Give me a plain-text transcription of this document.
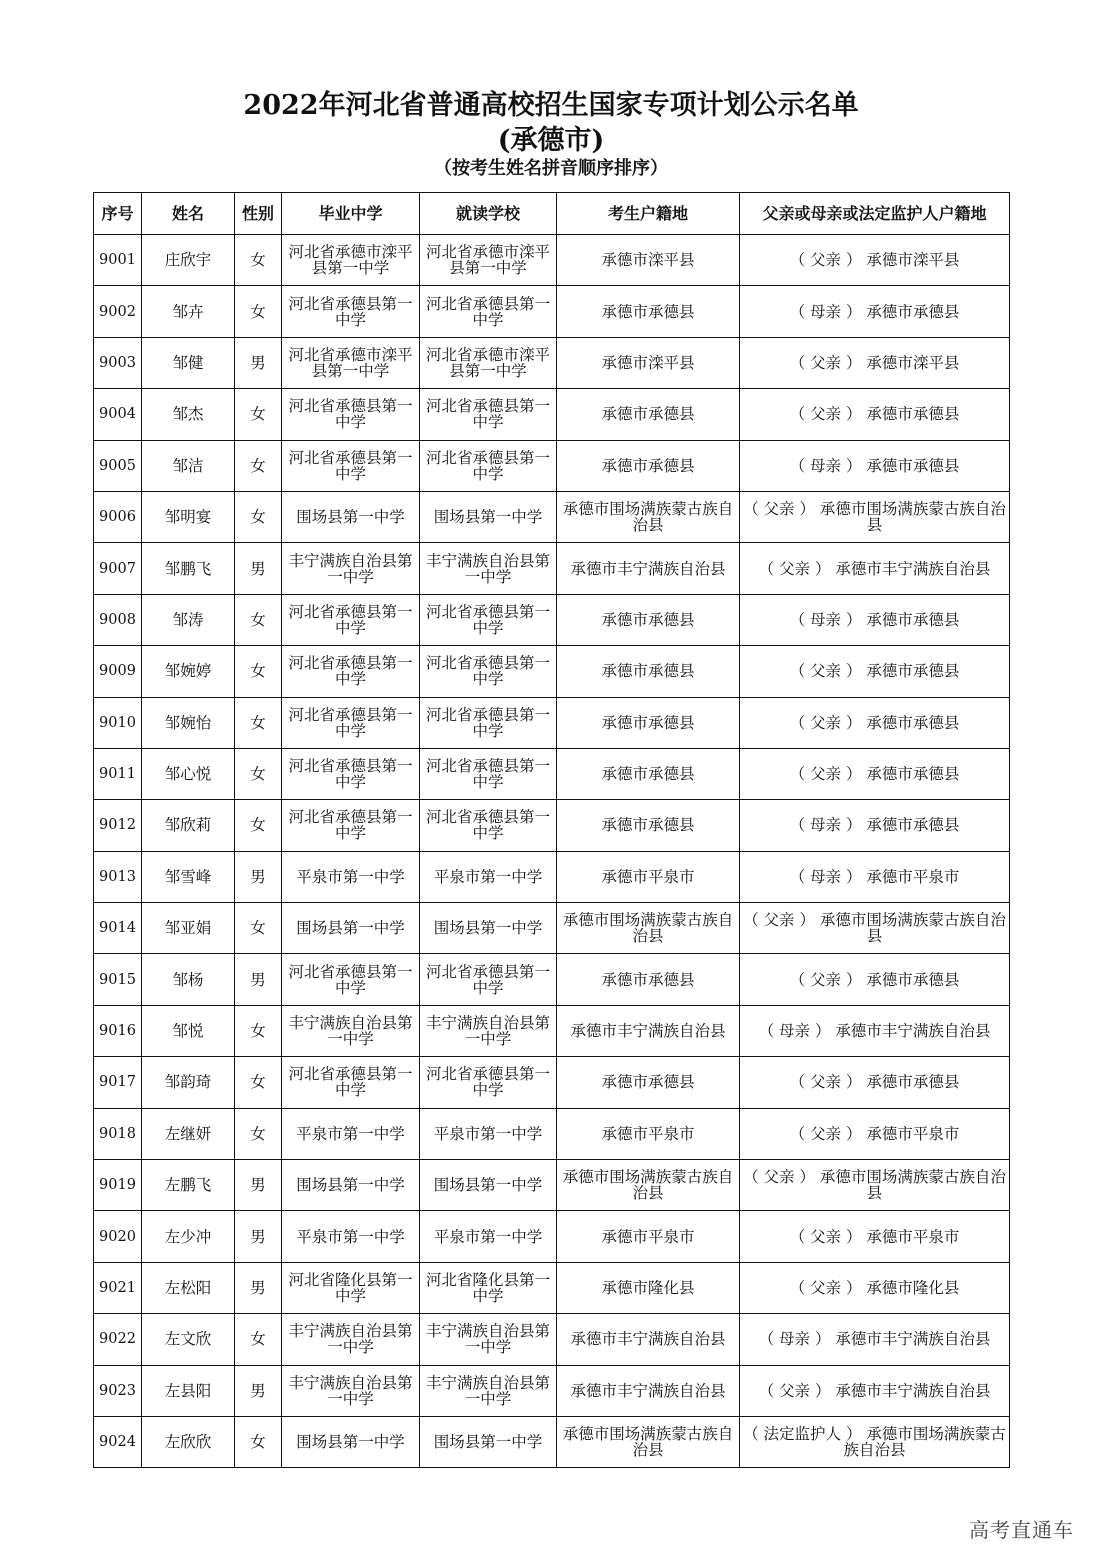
2022年河北省普通高校招生国家专项计划公示名单
(承德市)
（按考生姓名拼音顺序排序）
序号	姓名	性别	毕业中学	就读学校	考生户籍地	父亲或母亲或法定监护人户籍地
9001	庄欣宇	女	河北省承德市滦平县第一中学	河北省承德市滦平县第一中学	承德市滦平县	（ 父亲 ） 承德市滦平县
9002	邹卉	女	河北省承德县第一中学	河北省承德县第一中学	承德市承德县	（ 母亲 ） 承德市承德县
9003	邹健	男	河北省承德市滦平县第一中学	河北省承德市滦平县第一中学	承德市滦平县	（ 父亲 ） 承德市滦平县
9004	邹杰	女	河北省承德县第一中学	河北省承德县第一中学	承德市承德县	（ 父亲 ） 承德市承德县
9005	邹洁	女	河北省承德县第一中学	河北省承德县第一中学	承德市承德县	（ 母亲 ） 承德市承德县
9006	邹明宴	女	围场县第一中学	围场县第一中学	承德市围场满族蒙古族自治县	（ 父亲 ） 承德市围场满族蒙古族自治县
9007	邹鹏飞	男	丰宁满族自治县第一中学	丰宁满族自治县第一中学	承德市丰宁满族自治县	（ 父亲 ） 承德市丰宁满族自治县
9008	邹涛	女	河北省承德县第一中学	河北省承德县第一中学	承德市承德县	（ 母亲 ） 承德市承德县
9009	邹婉婷	女	河北省承德县第一中学	河北省承德县第一中学	承德市承德县	（ 父亲 ） 承德市承德县
9010	邹婉怡	女	河北省承德县第一中学	河北省承德县第一中学	承德市承德县	（ 父亲 ） 承德市承德县
9011	邹心悦	女	河北省承德县第一中学	河北省承德县第一中学	承德市承德县	（ 父亲 ） 承德市承德县
9012	邹欣莉	女	河北省承德县第一中学	河北省承德县第一中学	承德市承德县	（ 母亲 ） 承德市承德县
9013	邹雪峰	男	平泉市第一中学	平泉市第一中学	承德市平泉市	（ 母亲 ） 承德市平泉市
9014	邹亚娟	女	围场县第一中学	围场县第一中学	承德市围场满族蒙古族自治县	（ 父亲 ） 承德市围场满族蒙古族自治县
9015	邹杨	男	河北省承德县第一中学	河北省承德县第一中学	承德市承德县	（ 父亲 ） 承德市承德县
9016	邹悦	女	丰宁满族自治县第一中学	丰宁满族自治县第一中学	承德市丰宁满族自治县	（ 母亲 ） 承德市丰宁满族自治县
9017	邹韵琦	女	河北省承德县第一中学	河北省承德县第一中学	承德市承德县	（ 父亲 ） 承德市承德县
9018	左继妍	女	平泉市第一中学	平泉市第一中学	承德市平泉市	（ 父亲 ） 承德市平泉市
9019	左鹏飞	男	围场县第一中学	围场县第一中学	承德市围场满族蒙古族自治县	（ 父亲 ） 承德市围场满族蒙古族自治县
9020	左少冲	男	平泉市第一中学	平泉市第一中学	承德市平泉市	（ 父亲 ） 承德市平泉市
9021	左松阳	男	河北省隆化县第一中学	河北省隆化县第一中学	承德市隆化县	（ 父亲 ） 承德市隆化县
9022	左文欣	女	丰宁满族自治县第一中学	丰宁满族自治县第一中学	承德市丰宁满族自治县	（ 母亲 ） 承德市丰宁满族自治县
9023	左县阳	男	丰宁满族自治县第一中学	丰宁满族自治县第一中学	承德市丰宁满族自治县	（ 父亲 ） 承德市丰宁满族自治县
9024	左欣欣	女	围场县第一中学	围场县第一中学	承德市围场满族蒙古族自治县	（ 法定监护人 ） 承德市围场满族蒙古族自治县
高考直通车
